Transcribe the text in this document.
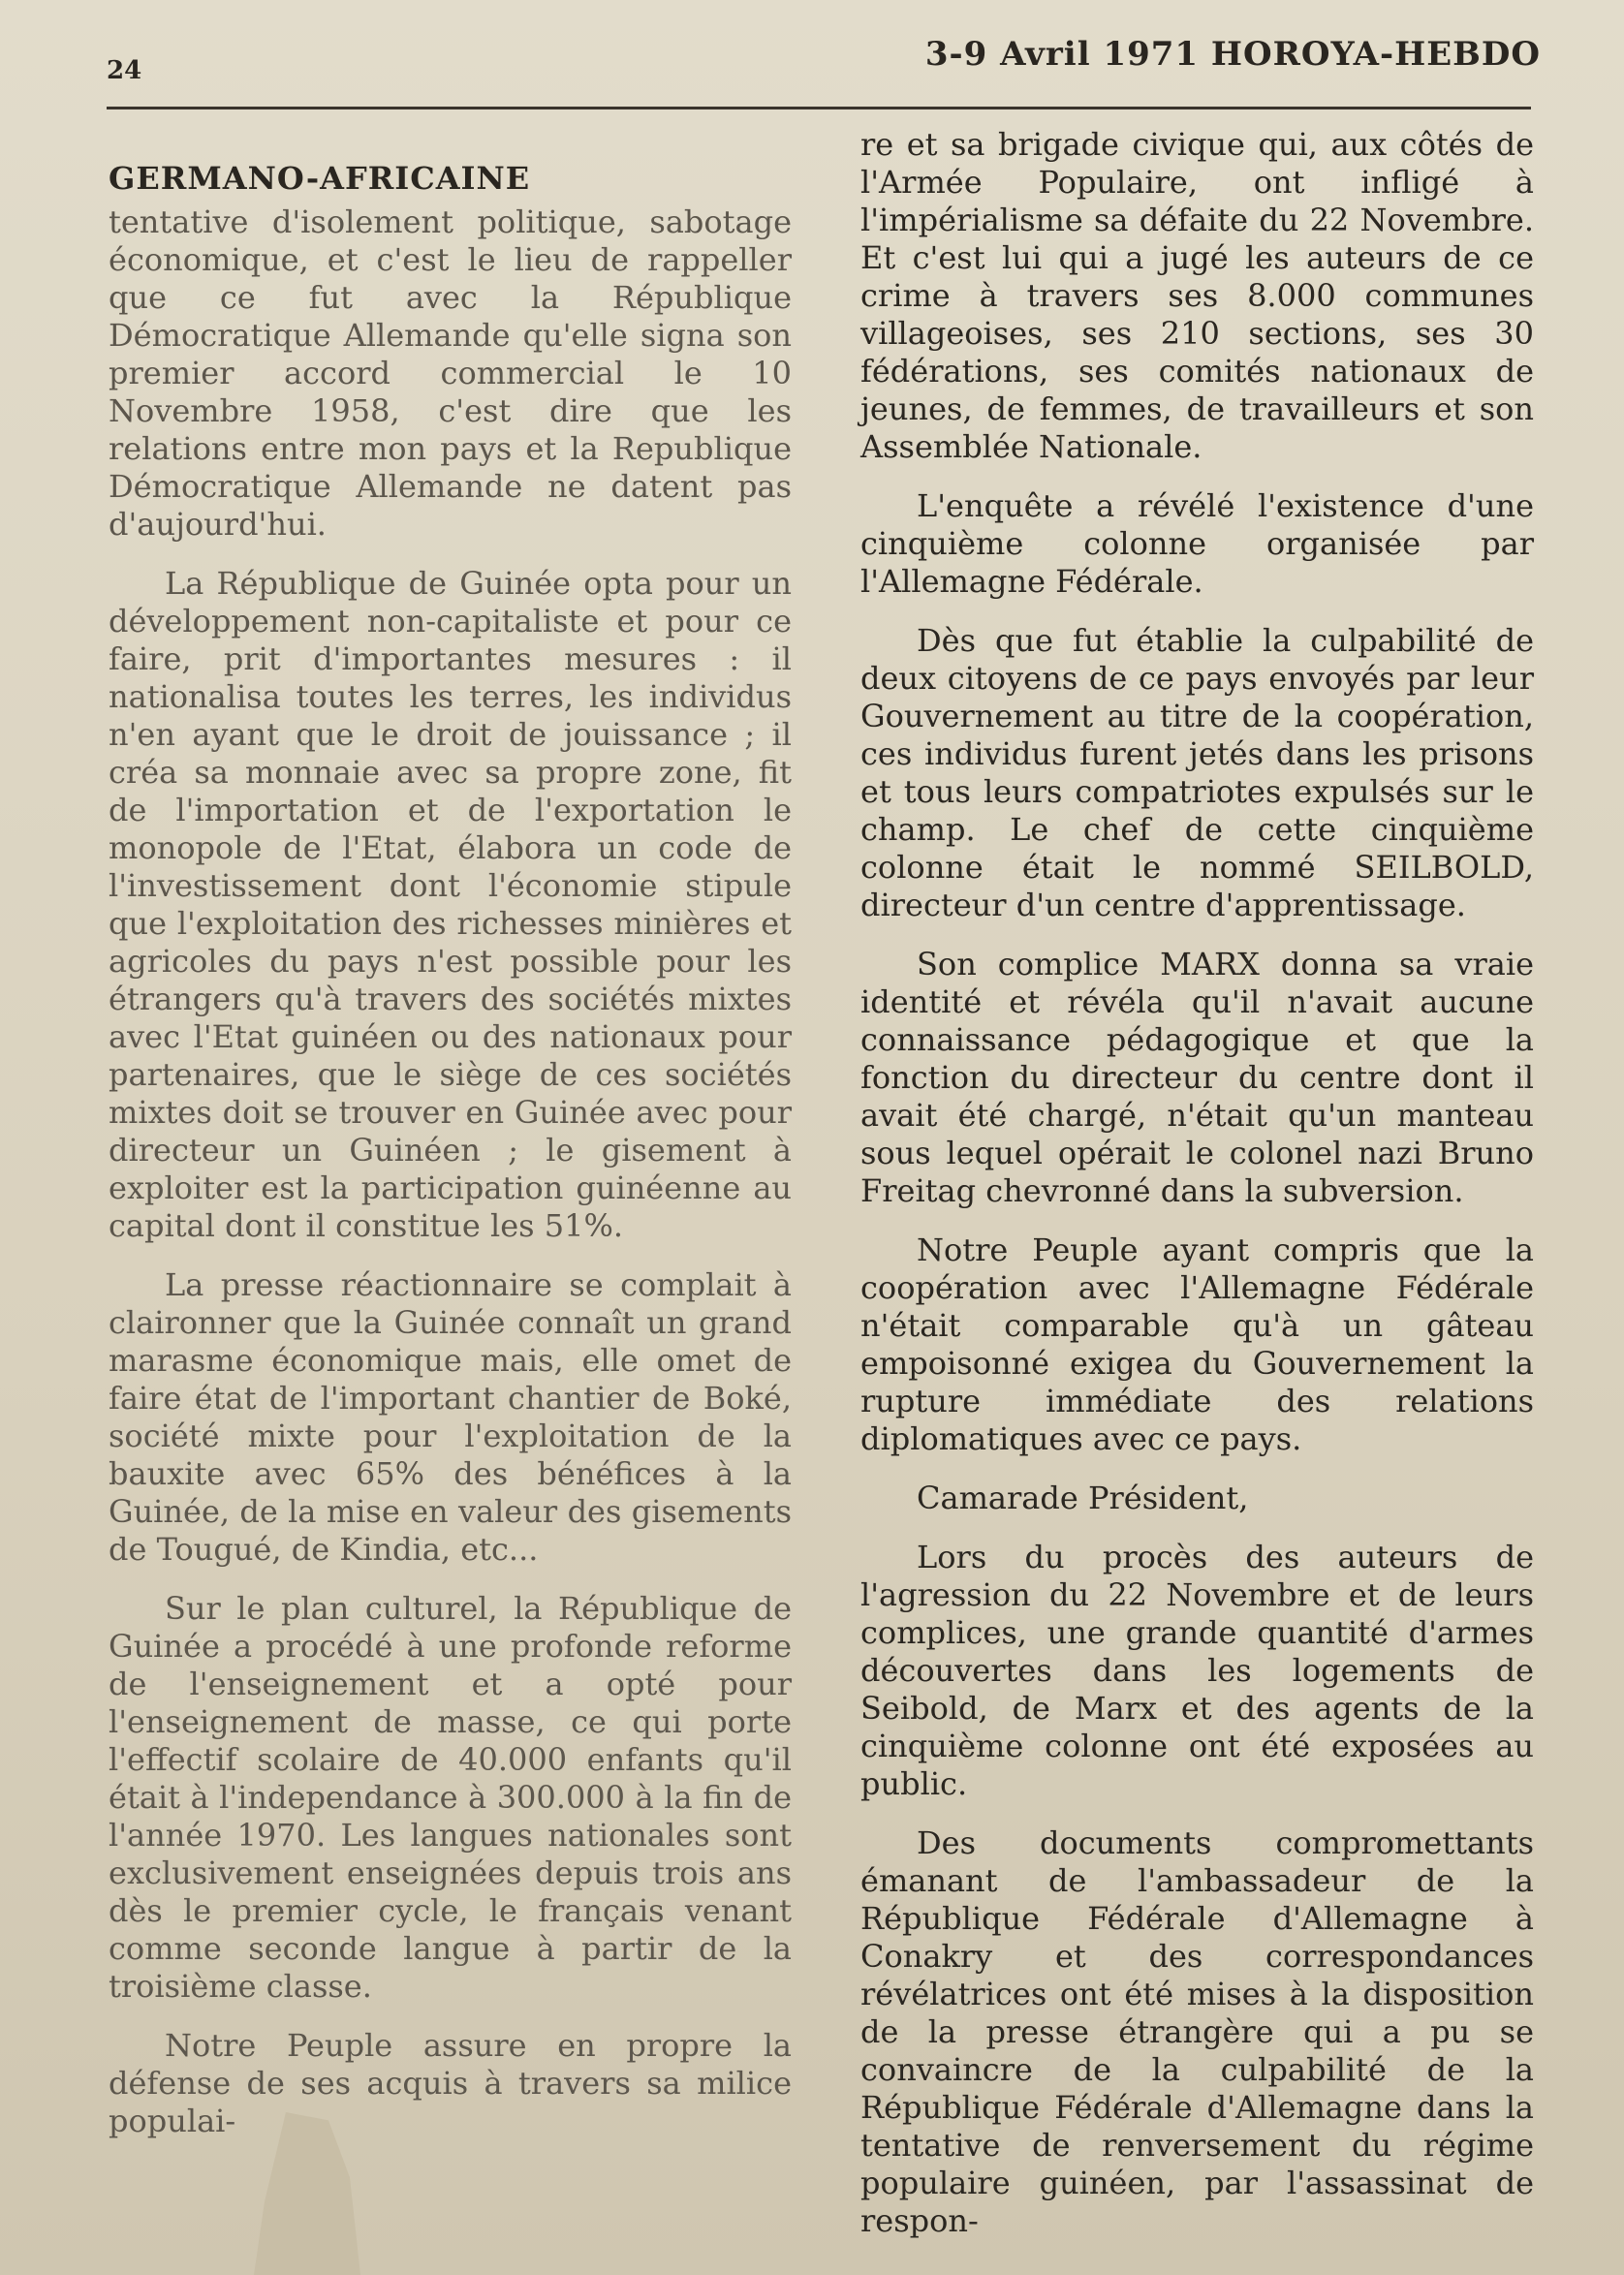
24	3-9 Avril 1971 HOROYA-HEBDO
GERMANO-AFRICAINE

tentative d'isolement politique, sabotage économique, et c'est le lieu de rappeller que ce fut avec la République Démocratique Allemande qu'elle signa son premier accord commercial le 10 Novembre 1958, c'est dire que les relations entre mon pays et la Republique Démocratique Allemande ne datent pas d'aujourd'hui.

La République de Guinée opta pour un développement non-capitaliste et pour ce faire, prit d'importantes mesures : il nationalisa toutes les terres, les individus n'en ayant que le droit de jouissance ; il créa sa monnaie avec sa propre zone, fit de l'importation et de l'exportation le monopole de l'Etat, élabora un code de l'investissement dont l'économie stipule que l'exploitation des richesses minières et agricoles du pays n'est possible pour les étrangers qu'à travers des sociétés mixtes avec l'Etat guinéen ou des nationaux pour partenaires, que le siège de ces sociétés mixtes doit se trouver en Guinée avec pour directeur un Guinéen ; le gisement à exploiter est la participation guinéenne au capital dont il constitue les 51%.

La presse réactionnaire se complait à claironner que la Guinée connaît un grand marasme économique mais, elle omet de faire état de l'important chantier de Boké, société mixte pour l'exploitation de la bauxite avec 65% des bénéfices à la Guinée, de la mise en valeur des gisements de Tougué, de Kindia, etc...

Sur le plan culturel, la République de Guinée a procédé à une profonde reforme de l'enseignement et a opté pour l'enseignement de masse, ce qui porte l'effectif scolaire de 40.000 enfants qu'il était à l'independance à 300.000 à la fin de l'année 1970. Les langues nationales sont exclusivement enseignées depuis trois ans dès le premier cycle, le français venant comme seconde langue à partir de la troisième classe.

Notre Peuple assure en propre la défense de ses acquis à travers sa milice populai-

re et sa brigade civique qui, aux côtés de l'Armée Populaire, ont infligé à l'impérialisme sa défaite du 22 Novembre. Et c'est lui qui a jugé les auteurs de ce crime à travers ses 8.000 communes villageoises, ses 210 sections, ses 30 fédérations, ses comités nationaux de jeunes, de femmes, de travailleurs et son Assemblée Nationale.

L'enquête a révélé l'existence d'une cinquième colonne organisée par l'Allemagne Fédérale.

Dès que fut établie la culpabilité de deux citoyens de ce pays envoyés par leur Gouvernement au titre de la coopération, ces individus furent jetés dans les prisons et tous leurs compatriotes expulsés sur le champ. Le chef de cette cinquième colonne était le nommé SEILBOLD, directeur d'un centre d'apprentissage.

Son complice MARX donna sa vraie identité et révéla qu'il n'avait aucune connaissance pédagogique et que la fonction du directeur du centre dont il avait été chargé, n'était qu'un manteau sous lequel opérait le colonel nazi Bruno Freitag chevronné dans la subversion.

Notre Peuple ayant compris que la coopération avec l'Allemagne Fédérale n'était comparable qu'à un gâteau empoisonné exigea du Gouvernement la rupture immédiate des relations diplomatiques avec ce pays.

Camarade Président,

Lors du procès des auteurs de l'agression du 22 Novembre et de leurs complices, une grande quantité d'armes découvertes dans les logements de Seibold, de Marx et des agents de la cinquième colonne ont été exposées au public.

Des documents compromettants émanant de l'ambassadeur de la République Fédérale d'Allemagne à Conakry et des correspondances révélatrices ont été mises à la disposition de la presse étrangère qui a pu se convaincre de la culpabilité de la République Fédérale d'Allemagne dans la tentative de renversement du régime populaire guinéen, par l'assassinat de respon-
